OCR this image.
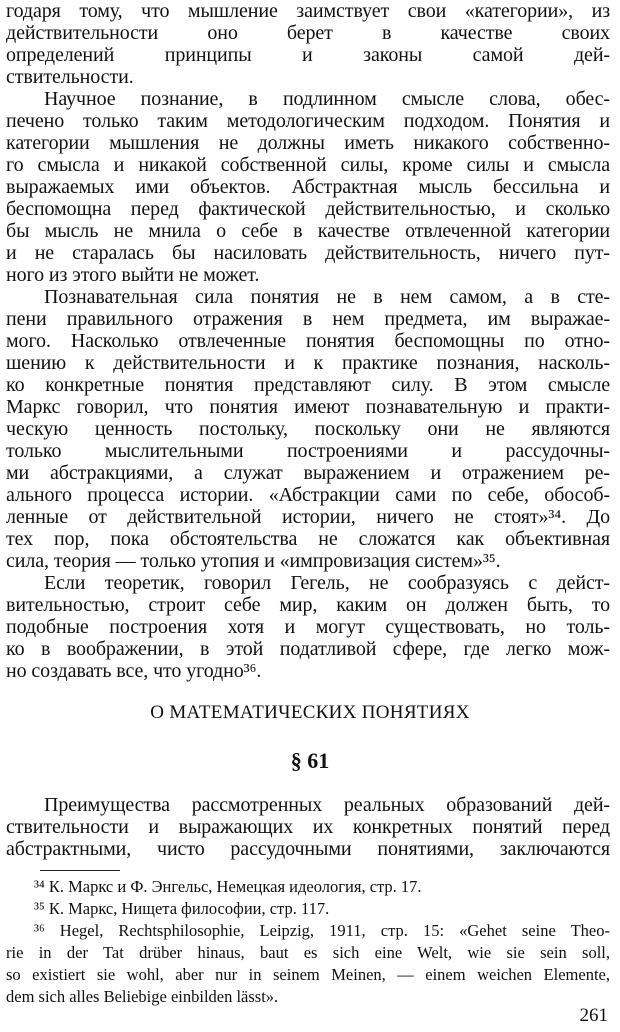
годаря тому, что мышление заимствует свои «категории», из
действительности оно берет в качестве своих
определений принципы и законы самой дей-
ствительности.
Научное познание, в подлинном смысле слова, обес-
печено только таким методологическим подходом. Понятия и
категории мышления не должны иметь никакого собственно-
го смысла и никакой собственной силы, кроме силы и смысла
выражаемых ими объектов. Абстрактная мысль бессильна и
беспомощна перед фактической действительностью, и сколько
бы мысль не мнила о себе в качестве отвлеченной категории
и не старалась бы насиловать действительность, ничего пут-
ного из этого выйти не может.
Познавательная сила понятия не в нем самом, а в сте-
пени правильного отражения в нем предмета, им выражае-
мого. Насколько отвлеченные понятия беспомощны по отно-
шению к действительности и к практике познания, насколь-
ко конкретные понятия представляют силу. В этом смысле
Маркс говорил, что понятия имеют познавательную и практи-
ческую ценность постольку, поскольку они не являются
только мыслительными построениями и рассудочны-
ми абстракциями, а служат выражением и отражением ре-
ального процесса истории. «Абстракции сами по себе, обособ-
ленные от действительной истории, ничего не стоят»³⁴. До
тех пор, пока обстоятельства не сложатся как объективная
сила, теория — только утопия и «импровизация систем»³⁵.
Если теоретик, говорил Гегель, не сообразуясь с дейст-
вительностью, строит себе мир, каким он должен быть, то
подобные построения хотя и могут существовать, но толь-
ко в воображении, в этой податливой сфере, где легко мож-
но создавать все, что угодно³⁶.
О МАТЕМАТИЧЕСКИХ ПОНЯТИЯХ
§ 61
Преимущества рассмотренных реальных образований дей-
ствительности и выражающих их конкретных понятий перед
абстрактными, чисто рассудочными понятиями, заключаются
³⁴ К. Маркс и Ф. Энгельс, Немецкая идеология, стр. 17.
³⁵ К. Маркс, Нищета философии, стр. 117.
³⁶ Hegel, Rechtsphilosophie, Leipzig, 1911, стр. 15: «Gehet seine Theo-
rie in der Tat drüber hinaus, baut es sich eine Welt, wie sie sein soll,
so existiert sie wohl, aber nur in seinem Meinen, — einem weichen Elemente,
dem sich alles Beliebige einbilden lässt».
261
